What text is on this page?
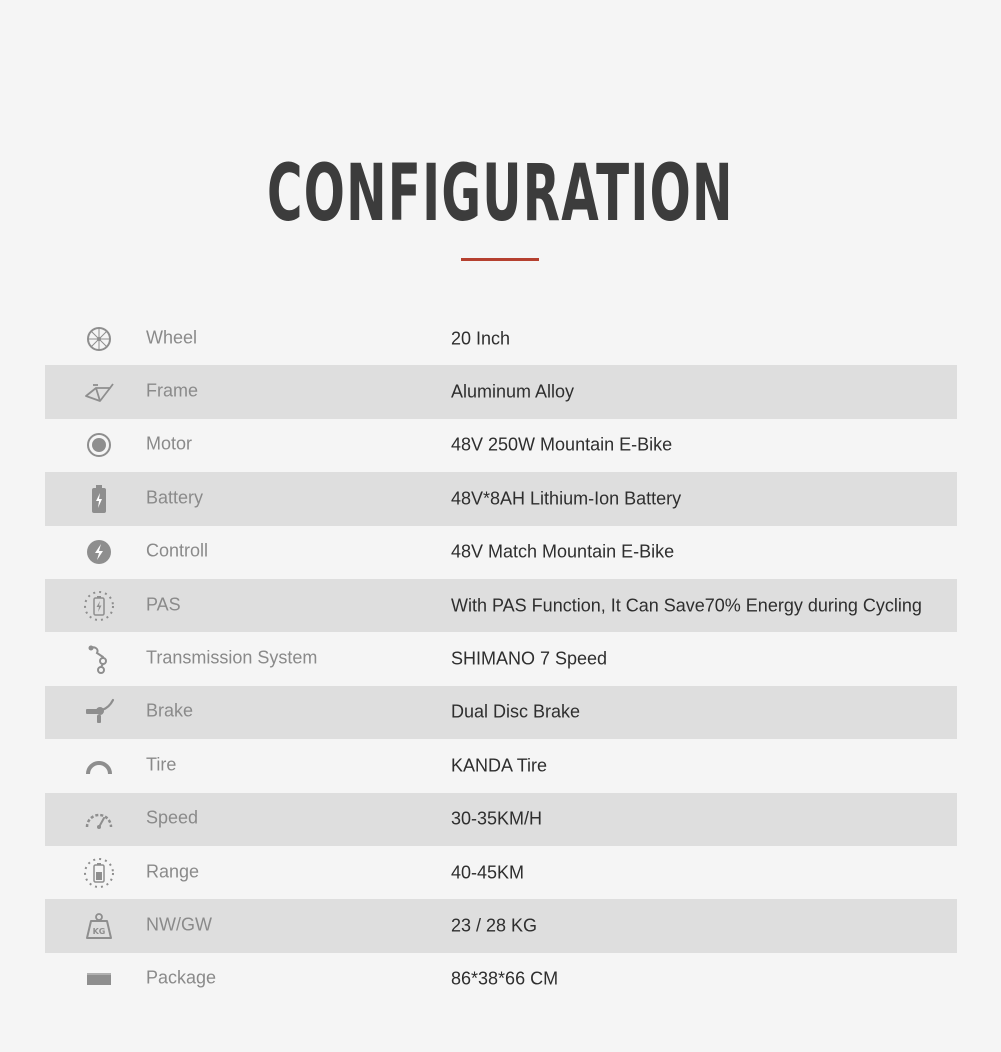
CONFIGURATION
Wheel	20 Inch
Frame	Aluminum Alloy
Motor	48V 250W Mountain E-Bike
Battery	48V*8AH Lithium-Ion Battery
Controll	48V Match Mountain E-Bike
PAS	With PAS Function, It Can Save70% Energy during Cycling
Transmission System	SHIMANO 7 Speed
Brake	Dual Disc Brake
Tire	KANDA Tire
Speed	30-35KM/H
Range	40-45KM
KG NW/GW	23 / 28 KG
Package	86*38*66 CM
